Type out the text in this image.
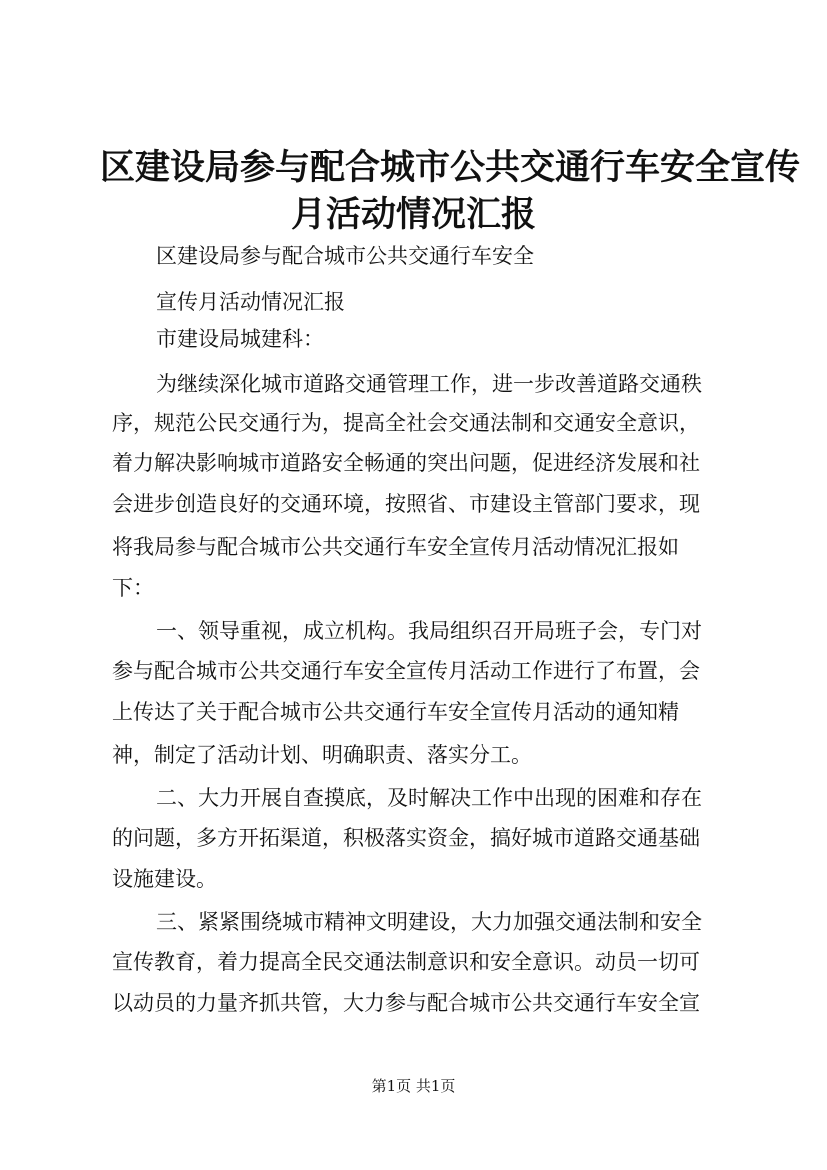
区建设局参与配合城市公共交通行车安全宣传
月活动情况汇报
区建设局参与配合城市公共交通行车安全
宣传月活动情况汇报
市建设局城建科：
为继续深化城市道路交通管理工作，进一步改善道路交通秩
序，规范公民交通行为，提高全社会交通法制和交通安全意识，
着力解决影响城市道路安全畅通的突出问题，促进经济发展和社
会进步创造良好的交通环境，按照省、市建设主管部门要求，现
将我局参与配合城市公共交通行车安全宣传月活动情况汇报如
下：
一、领导重视，成立机构。我局组织召开局班子会，专门对
参与配合城市公共交通行车安全宣传月活动工作进行了布置，会
上传达了关于配合城市公共交通行车安全宣传月活动的通知精
神，制定了活动计划、明确职责、落实分工。
二、大力开展自查摸底，及时解决工作中出现的困难和存在
的问题，多方开拓渠道，积极落实资金，搞好城市道路交通基础
设施建设。
三、紧紧围绕城市精神文明建设，大力加强交通法制和安全
宣传教育，着力提高全民交通法制意识和安全意识。动员一切可
以动员的力量齐抓共管，大力参与配合城市公共交通行车安全宣
第1页 共1页
